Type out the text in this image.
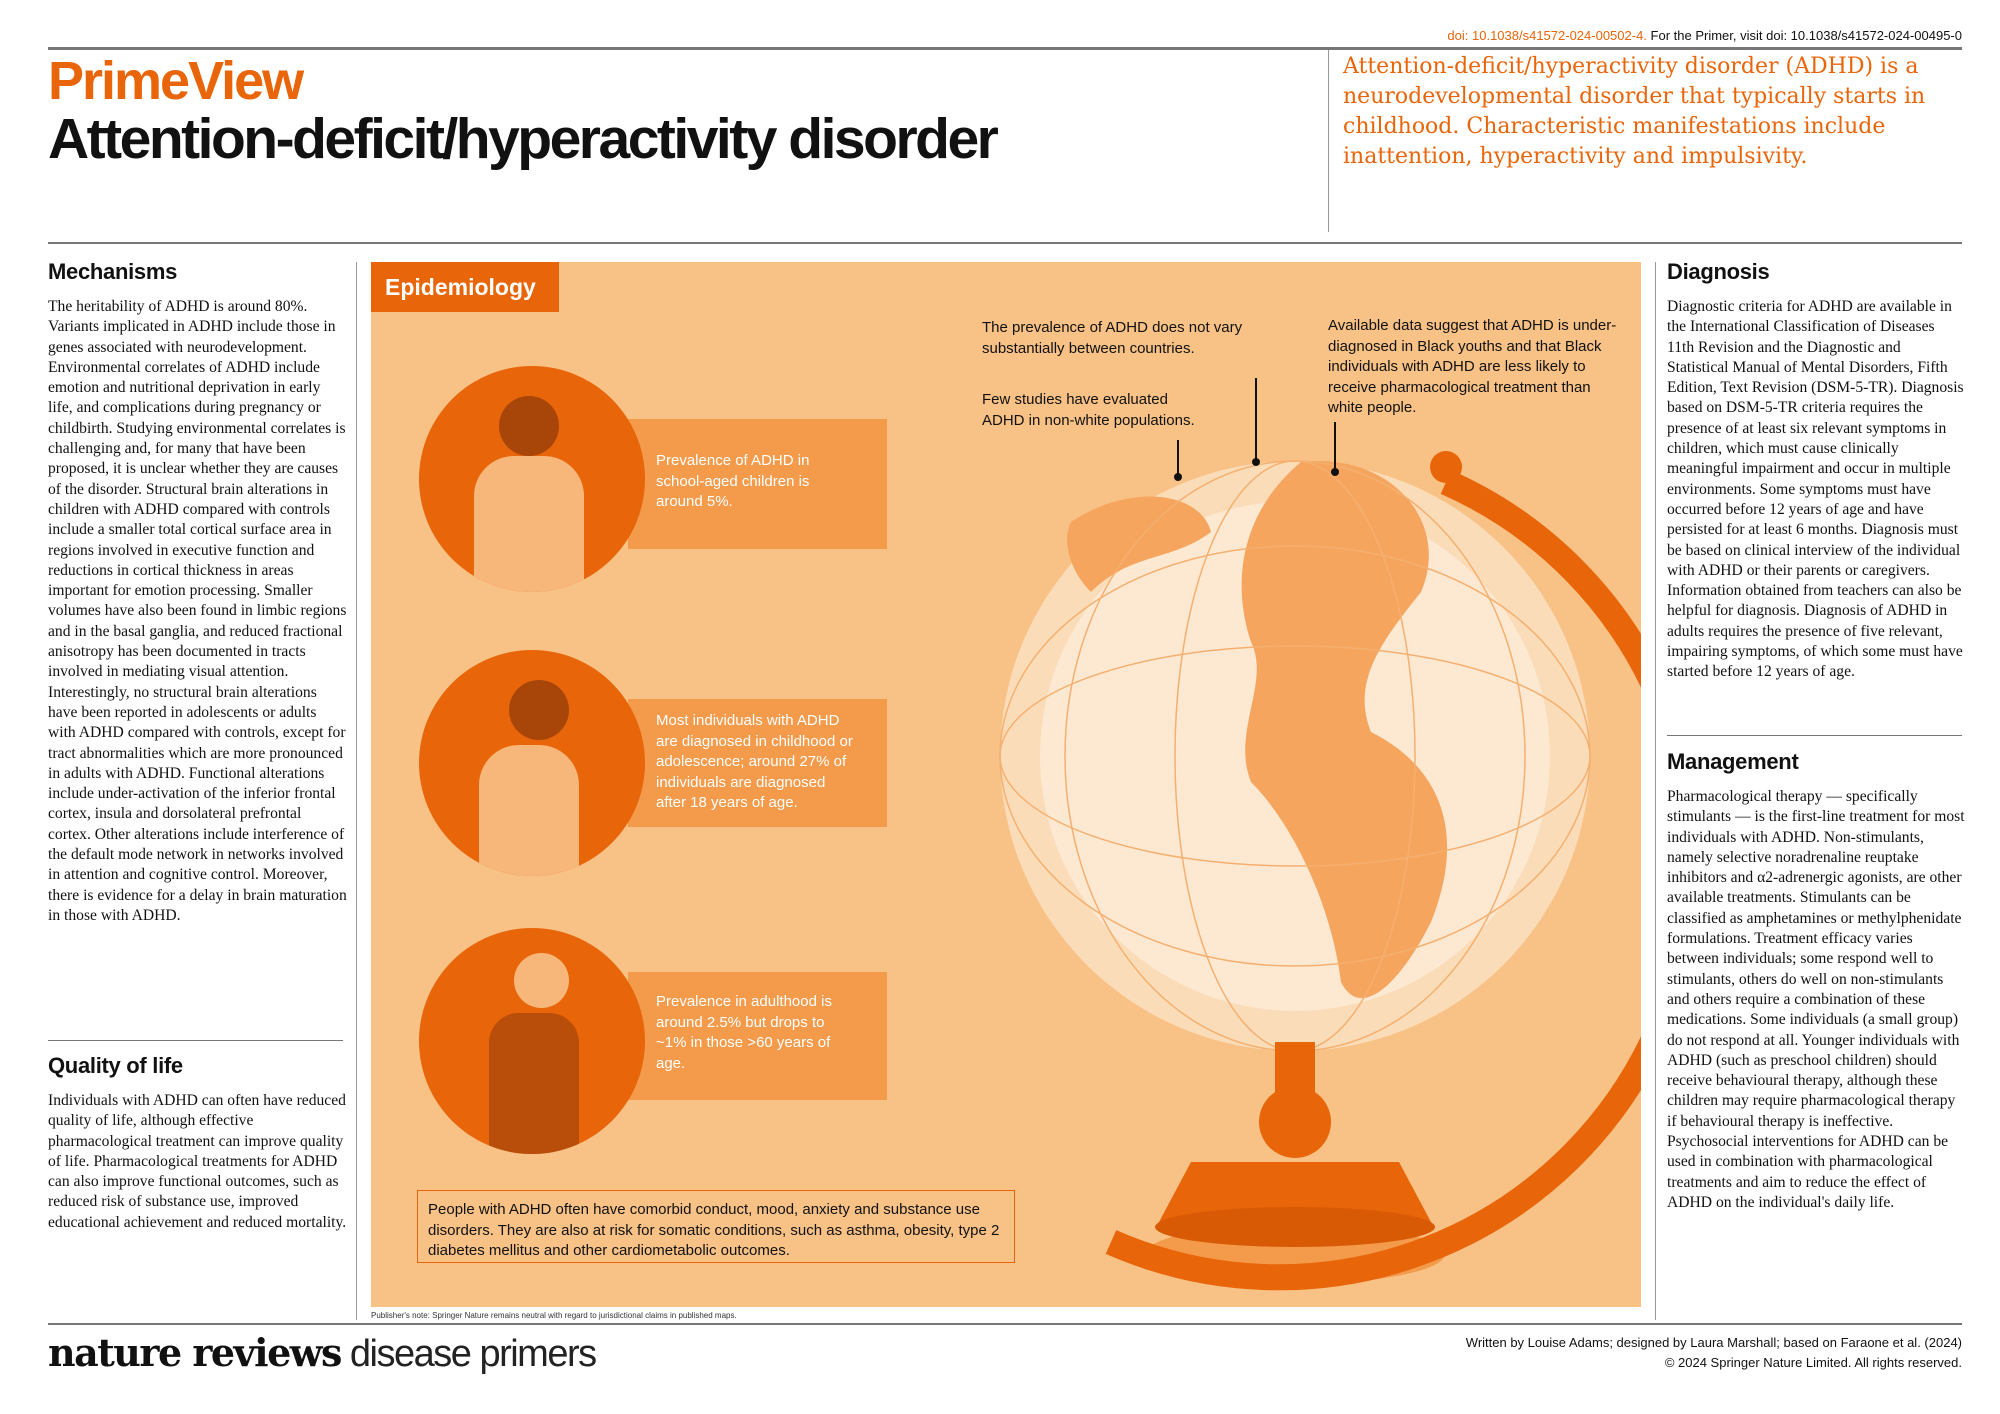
doi: 10.1038/s41572-024-00502-4. For the Primer, visit doi: 10.1038/s41572-024-00495-0
PrimeView
Attention-deficit/hyperactivity disorder
Attention-deficit/hyperactivity disorder (ADHD) is a neurodevelopmental disorder that typically starts in childhood. Characteristic manifestations include inattention, hyperactivity and impulsivity.
Mechanisms
The heritability of ADHD is around 80%. Variants implicated in ADHD include those in genes associated with neurodevelopment. Environmental correlates of ADHD include emotion and nutritional deprivation in early life, and complications during pregnancy or childbirth. Studying environmental correlates is challenging and, for many that have been proposed, it is unclear whether they are causes of the disorder. Structural brain alterations in children with ADHD compared with controls include a smaller total cortical surface area in regions involved in executive function and reductions in cortical thickness in areas important for emotion processing. Smaller volumes have also been found in limbic regions and in the basal ganglia, and reduced fractional anisotropy has been documented in tracts involved in mediating visual attention. Interestingly, no structural brain alterations have been reported in adolescents or adults with ADHD compared with controls, except for tract abnormalities which are more pronounced in adults with ADHD. Functional alterations include under-activation of the inferior frontal cortex, insula and dorsolateral prefrontal cortex. Other alterations include interference of the default mode network in networks involved in attention and cognitive control. Moreover, there is evidence for a delay in brain maturation in those with ADHD.
Quality of life
Individuals with ADHD can often have reduced quality of life, although effective pharmacological treatment can improve quality of life. Pharmacological treatments for ADHD can also improve functional outcomes, such as reduced risk of substance use, improved educational achievement and reduced mortality.
Epidemiology
Prevalence of ADHD in school-aged children is around 5%.
Most individuals with ADHD are diagnosed in childhood or adolescence; around 27% of individuals are diagnosed after 18 years of age.
Prevalence in adulthood is around 2.5% but drops to ~1% in those >60 years of age.
The prevalence of ADHD does not vary substantially between countries.
Few studies have evaluated ADHD in non-white populations.
Available data suggest that ADHD is under-diagnosed in Black youths and that Black individuals with ADHD are less likely to receive pharmacological treatment than white people.
People with ADHD often have comorbid conduct, mood, anxiety and substance use disorders. They are also at risk for somatic conditions, such as asthma, obesity, type 2 diabetes mellitus and other cardiometabolic outcomes.
Publisher's note: Springer Nature remains neutral with regard to jurisdictional claims in published maps.
Diagnosis
Diagnostic criteria for ADHD are available in the International Classification of Diseases 11th Revision and the Diagnostic and Statistical Manual of Mental Disorders, Fifth Edition, Text Revision (DSM-5-TR). Diagnosis based on DSM-5-TR criteria requires the presence of at least six relevant symptoms in children, which must cause clinically meaningful impairment and occur in multiple environments. Some symptoms must have occurred before 12 years of age and have persisted for at least 6 months. Diagnosis must be based on clinical interview of the individual with ADHD or their parents or caregivers. Information obtained from teachers can also be helpful for diagnosis. Diagnosis of ADHD in adults requires the presence of five relevant, impairing symptoms, of which some must have started before 12 years of age.
Management
Pharmacological therapy — specifically stimulants — is the first-line treatment for most individuals with ADHD. Non-stimulants, namely selective noradrenaline reuptake inhibitors and α2-adrenergic agonists, are other available treatments. Stimulants can be classified as amphetamines or methylphenidate formulations. Treatment efficacy varies between individuals; some respond well to stimulants, others do well on non-stimulants and others require a combination of these medications. Some individuals (a small group) do not respond at all. Younger individuals with ADHD (such as preschool children) should receive behavioural therapy, although these children may require pharmacological therapy if behavioural therapy is ineffective. Psychosocial interventions for ADHD can be used in combination with pharmacological treatments and aim to reduce the effect of ADHD on the individual's daily life.
nature reviews disease primers	Written by Louise Adams; designed by Laura Marshall; based on Faraone et al. (2024)
© 2024 Springer Nature Limited. All rights reserved.
